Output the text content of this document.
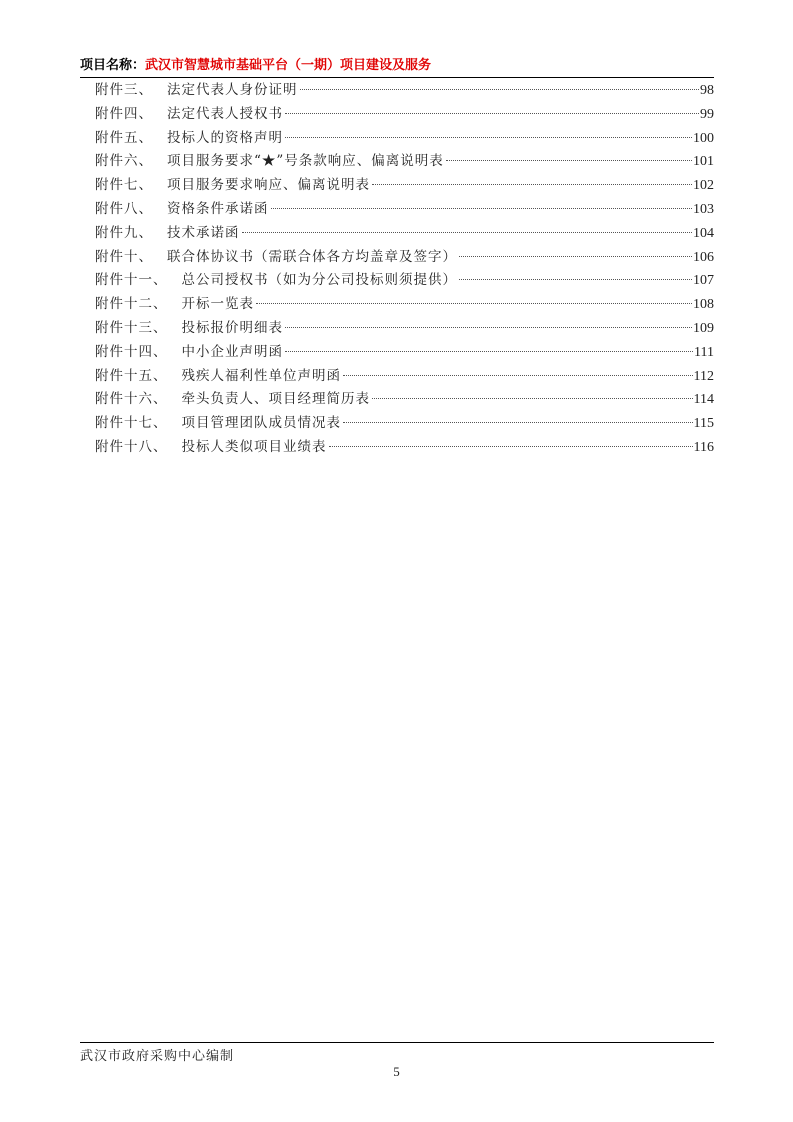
项目名称：武汉市智慧城市基础平台（一期）项目建设及服务
附件三、 法定代表人身份证明	98
附件四、 法定代表人授权书	99
附件五、 投标人的资格声明	100
附件六、 项目服务要求“★”号条款响应、偏离说明表	101
附件七、 项目服务要求响应、偏离说明表	102
附件八、 资格条件承诺函	103
附件九、 技术承诺函	104
附件十、 联合体协议书（需联合体各方均盖章及签字）	106
附件十一、 总公司授权书（如为分公司投标则须提供）	107
附件十二、 开标一览表	108
附件十三、 投标报价明细表	109
附件十四、 中小企业声明函	111
附件十五、 残疾人福利性单位声明函	112
附件十六、 牵头负责人、项目经理简历表	114
附件十七、 项目管理团队成员情况表	115
附件十八、 投标人类似项目业绩表	116
武汉市政府采购中心编制
5
